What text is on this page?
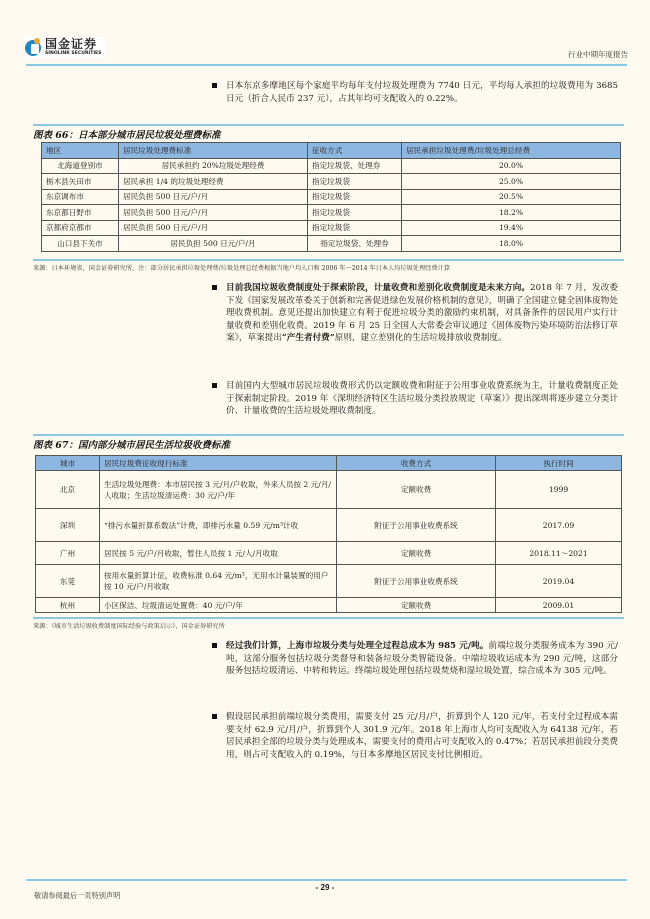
国金证券
SINOLINK SECURITIES	行业中期年度报告
日本东京多摩地区每个家庭平均每年支付垃圾处理费为 7740 日元，平均每人承担的垃圾费用为 3685 日元（折合人民币 237 元），占其年均可支配收入的 0.22%。
图表 66：日本部分城市居民垃圾处理费标准
地区	居民垃圾处理费标准	征收方式	居民承担垃圾处理费/垃圾处理总经费
北海道登别市	居民承担约 20%垃圾处理经费	指定垃圾袋、处理券	20.0%
栃木县矢田市	居民承担 1/4 的垃圾处理经费	指定垃圾袋	25.0%
东京调布市	居民负担 500 日元/户/月	指定垃圾袋	20.5%
东京都日野市	居民负担 500 日元/户/月	指定垃圾袋	18.2%
京都府京都市	居民负担 500 日元/户/月	指定垃圾袋	19.4%
山口县下关市	居民负担 500 日元/户/月	指定垃圾袋、处理券	18.0%
来源：日本环境省，国金证券研究所，注：部分居民承担垃圾处理费/垃圾处理总经费根据当地户均人口和 2006 年～2014 年日本人均垃圾处理经费计算
目前我国垃圾收费制度处于探索阶段，计量收费和差别化收费制度是未来方向。2018 年 7 月，发改委下发《国家发展改革委关于创新和完善促进绿色发展价格机制的意见》，明确了全国建立健全固体废物处理收费机制。意见还提出加快建立有利于促进垃圾分类的激励约束机制，对具备条件的居民用户实行计量收费和差别化收费。2019 年 6 月 25 日全国人大常委会审议通过《固体废物污染环境防治法修订草案》，草案提出“产生者付费”原则，建立差别化的生活垃圾排放收费制度。
目前国内大型城市居民垃圾收费形式仍以定额收费和附征于公用事业收费系统为主，计量收费制度正处于探索制定阶段。2019 年《深圳经济特区生活垃圾分类投放规定（草案）》提出深圳将逐步建立分类计价、计量收费的生活垃圾处理收费制度。
图表 67：国内部分城市居民生活垃圾收费标准
城市	居民垃圾费征收现行标准	收费方式	执行时间
北京	生活垃圾处理费：本市居民按 3 元/月/户收取，外来人员按 2 元/月/人收取；生活垃圾清运费：30 元/户/年	定额收费	1999
深圳	“排污水量折算系数法”计费，即排污水量 0.59 元/m³计收	附征于公用事业收费系统	2017.09
广州	居民按 5 元/户/月收取，暂住人员按 1 元/人/月收取	定额收费	2018.11～2021
东莞	按用水量折算计征，收费标准 0.64 元/m³，无用水计量装置的用户按 10 元/户/月收取	附征于公用事业收费系统	2019.04
杭州	小区保洁、垃圾清运处置费：40 元/户/年	定额收费	2009.01
来源：《城市生活垃圾收费制度国际经验与政策启示》，国金证券研究所
经过我们计算，上海市垃圾分类与处理全过程总成本为 985 元/吨。前端垃圾分类服务成本为 390 元/吨，这部分服务包括垃圾分类督导和装备垃圾分类智能设备。中端垃圾收运成本为 290 元/吨，这部分服务包括垃圾清运、中转和转运。终端垃圾处理包括垃圾焚烧和湿垃圾处置，综合成本为 305 元/吨。
假设居民承担前端垃圾分类费用，需要支付 25 元/月/户，折算到个人 120 元/年，若支付全过程成本需要支付 62.9 元/月/户，折算到个人 301.9 元/年。2018 年上海市人均可支配收入为 64138 元/年，若居民承担全部的垃圾分类与处理成本，需要支付的费用占可支配收入的 0.47%；若居民承担前段分类费用，则占可支配收入的 0.19%，与日本多摩地区居民支付比例相近。
- 29 -
敬请参阅最后一页特别声明
